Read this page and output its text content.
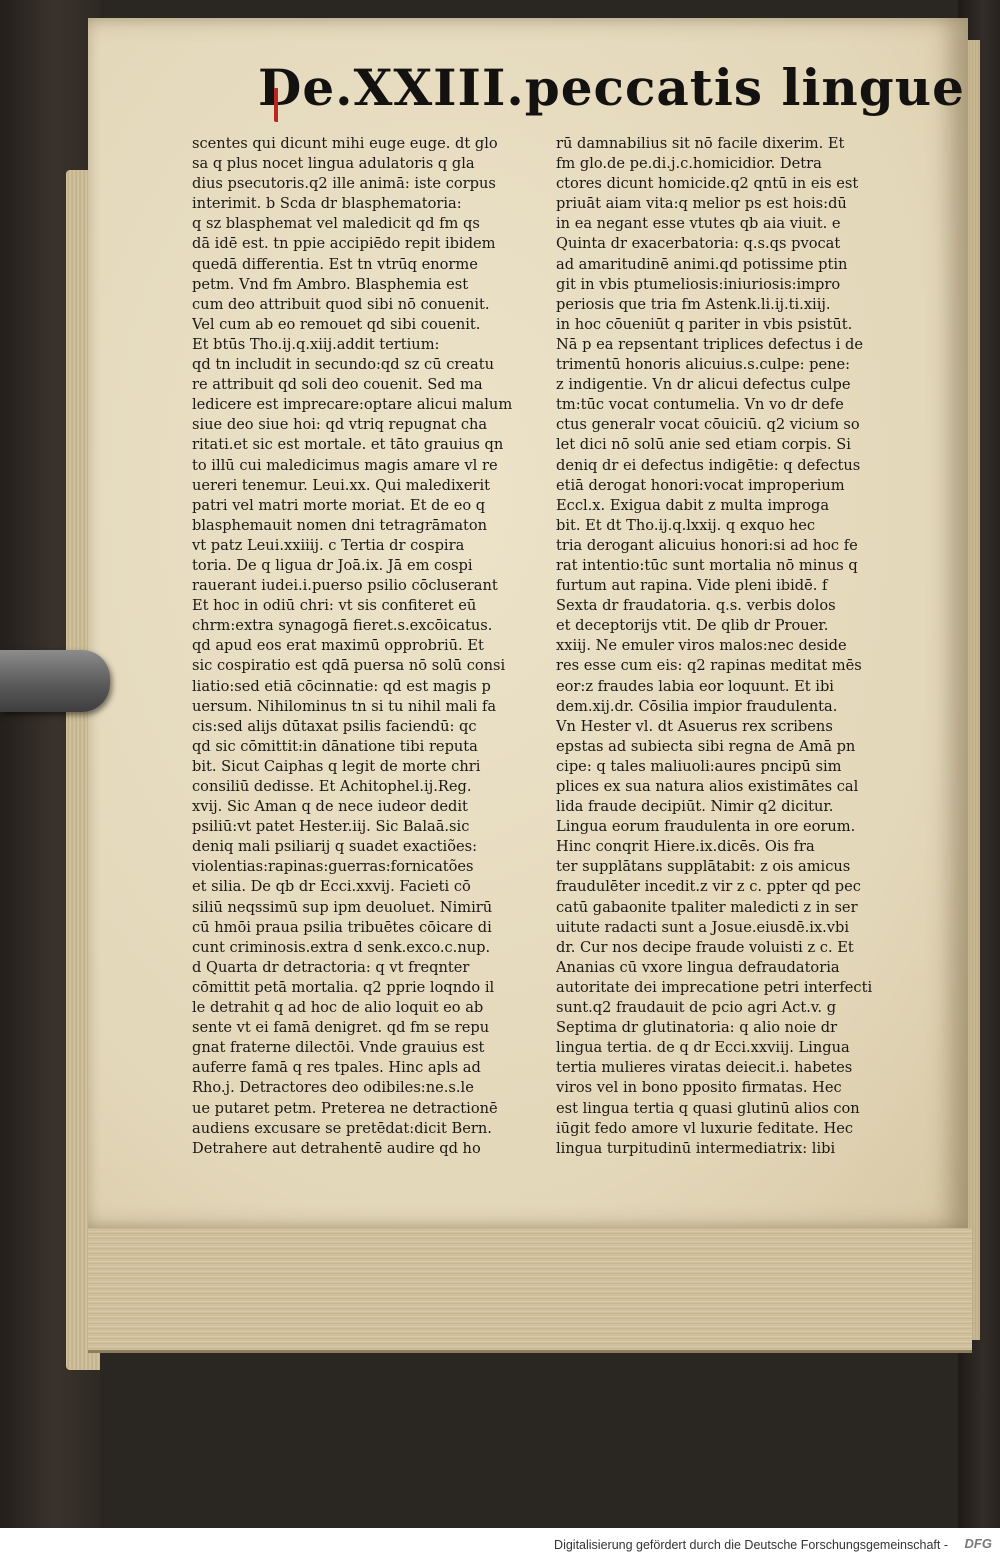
De.XXIII.peccatis lingue
scentes qui dicunt mihi euge euge. dt glo
sa q plus nocet lingua adulatoris q gla
dius psecutoris.q2 ille animā: iste corpus
interimit. b Scda dr blasphematoria:
q sz blasphemat vel maledicit qd fm qs
dā idē est. tn ppie accipiēdo repit ibidem
quedā differentia. Est tn vtrūq enorme
petm. Vnd fm Ambro. Blasphemia est
cum deo attribuit quod sibi nō conuenit.
Vel cum ab eo remouet qd sibi couenit.
Et btūs Tho.ij.q.xiij.addit tertium:
qd tn includit in secundo:qd sz cū creatu
re attribuit qd soli deo couenit. Sed ma
ledicere est imprecare:optare alicui malum
siue deo siue hoi: qd vtriq repugnat cha
ritati.et sic est mortale. et tāto grauius qn
to illū cui maledicimus magis amare vl re
uereri tenemur. Leui.xx. Qui maledixerit
patri vel matri morte moriat. Et de eo q
blasphemauit nomen dni tetragrāmaton
vt patz Leui.xxiiij. c Tertia dr cospira
toria. De q ligua dr Joā.ix. Jā em cospi
rauerant iudei.i.puerso psilio cōcluserant
Et hoc in odiū chri: vt sis confiteret eū
chrm:extra synagogā fieret.s.excōicatus.
qd apud eos erat maximū opprobriū. Et
sic cospiratio est qdā puersa nō solū consi
liatio:sed etiā cōcinnatie: qd est magis p
uersum. Nihilominus tn si tu nihil mali fa
cis:sed alijs dūtaxat psilis faciendū: qc
qd sic cōmittit:in dānatione tibi reputa
bit. Sicut Caiphas q legit de morte chri
consiliū dedisse. Et Achitophel.ij.Reg.
xvij. Sic Aman q de nece iudeor dedit
psiliū:vt patet Hester.iij. Sic Balaā.sic
deniq mali psiliarij q suadet exactiões:
violentias:rapinas:guerras:fornicatões
et silia. De qb dr Ecci.xxvij. Facieti cō
siliū neqssimū sup ipm deuoluet. Nimirū
cū hmōi praua psilia tribuētes cōicare di
cunt criminosis.extra d senk.exco.c.nup.
d Quarta dr detractoria: q vt freqnter
cōmittit petā mortalia. q2 pprie loqndo il
le detrahit q ad hoc de alio loquit eo ab
sente vt ei famā denigret. qd fm se repu
gnat fraterne dilectōi. Vnde grauius est
auferre famā q res tpales. Hinc apls ad
Rho.j. Detractores deo odibiles:ne.s.le
ue putaret petm. Preterea ne detractionē
audiens excusare se pretēdat:dicit Bern.
Detrahere aut detrahentē audire qd ho
rū damnabilius sit nō facile dixerim. Et
fm glo.de pe.di.j.c.homicidior. Detra
ctores dicunt homicide.q2 qntū in eis est
priuāt aiam vita:q melior ps est hois:dū
in ea negant esse vtutes qb aia viuit. e
Quinta dr exacerbatoria: q.s.qs pvocat
ad amaritudinē animi.qd potissime ptin
git in vbis ptumeliosis:iniuriosis:impro
periosis que tria fm Astenk.li.ij.ti.xiij.
in hoc cōueniūt q pariter in vbis psistūt.
Nā p ea repsentant triplices defectus i de
trimentū honoris alicuius.s.culpe: pene:
z indigentie. Vn dr alicui defectus culpe
tm:tūc vocat contumelia. Vn vo dr defe
ctus generalr vocat cōuiciū. q2 vicium so
let dici nō solū anie sed etiam corpis. Si
deniq dr ei defectus indigētie: q defectus
etiā derogat honori:vocat improperium
Eccl.x. Exigua dabit z multa improga
bit. Et dt Tho.ij.q.lxxij. q exquo hec
tria derogant alicuius honori:si ad hoc fe
rat intentio:tūc sunt mortalia nō minus q
furtum aut rapina. Vide pleni ibidē. f
Sexta dr fraudatoria. q.s. verbis dolos
et deceptorijs vtit. De qlib dr Prouer.
xxiij. Ne emuler viros malos:nec deside
res esse cum eis: q2 rapinas meditat mēs
eor:z fraudes labia eor loquunt. Et ibi
dem.xij.dr. Cōsilia impior fraudulenta.
Vn Hester vl. dt Asuerus rex scribens
epstas ad subiecta sibi regna de Amā pn
cipe: q tales maliuoli:aures pncipū sim
plices ex sua natura alios existimātes cal
lida fraude decipiūt. Nimir q2 dicitur.
Lingua eorum fraudulenta in ore eorum.
Hinc conqrit Hiere.ix.dicēs. Ois fra
ter supplātans supplātabit: z ois amicus
fraudulēter incedit.z vir z c. ppter qd pec
catū gabaonite tpaliter maledicti z in ser
uitute radacti sunt a Josue.eiusdē.ix.vbi
dr. Cur nos decipe fraude voluisti z c. Et
Ananias cū vxore lingua defraudatoria
autoritate dei imprecatione petri interfecti
sunt.q2 fraudauit de pcio agri Act.v. g
Septima dr glutinatoria: q alio noie dr
lingua tertia. de q dr Ecci.xxviij. Lingua
tertia mulieres viratas deiecit.i. habetes
viros vel in bono pposito firmatas. Hec
est lingua tertia q quasi glutinū alios con
iūgit fedo amore vl luxurie feditate. Hec
lingua turpitudinū intermediatrix: libi
Digitalisierung gefördert durch die Deutsche Forschungsgemeinschaft - DFG
